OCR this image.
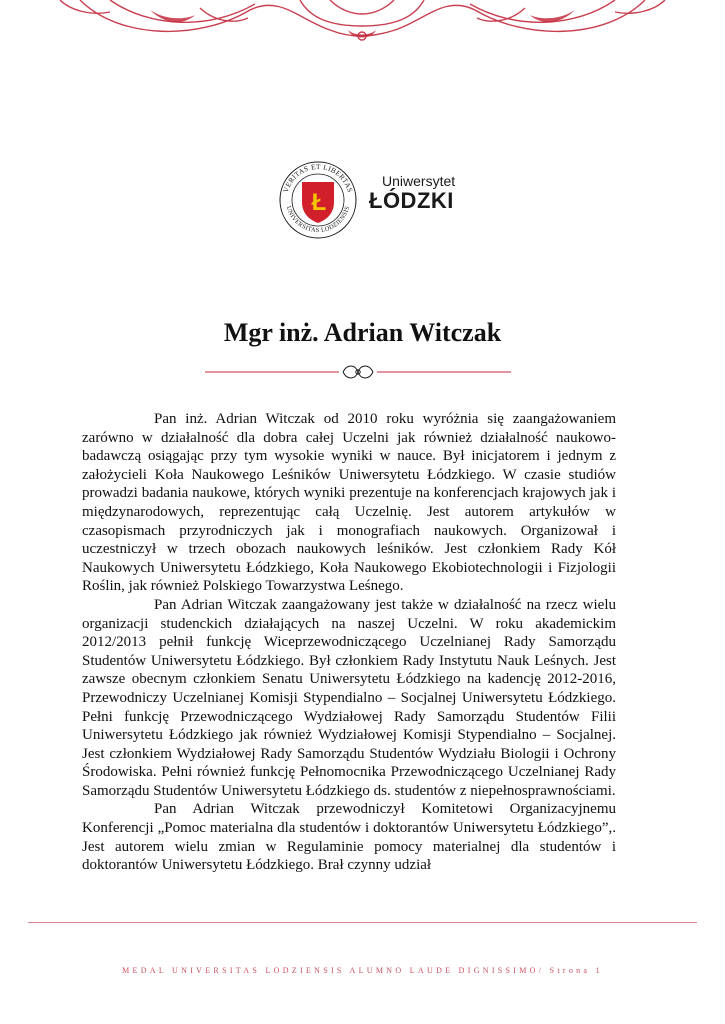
Ł
VERITAS ET LIBERTAS
UNIVERSITAS LODZIENSIS
Uniwersytet
ŁÓDZKI
Mgr inż. Adrian Witczak

Pan inż. Adrian Witczak od 2010 roku wyróżnia się zaangażowaniem zarówno w działalność dla dobra całej Uczelni jak również działalność naukowo-badawczą osiągając przy tym wysokie wyniki w nauce. Był inicjatorem i jednym z założycieli Koła Naukowego Leśników Uniwersytetu Łódzkiego. W czasie studiów prowadzi badania naukowe, których wyniki prezentuje na konferencjach krajowych jak i międzynarodowych, reprezentując całą Uczelnię. Jest autorem artykułów w czasopismach przyrodniczych jak i monografiach naukowych. Organizował i uczestniczył w trzech obozach naukowych leśników. Jest członkiem Rady Kół Naukowych Uniwersytetu Łódzkiego, Koła Naukowego Ekobiotechnologii i Fizjologii Roślin, jak również Polskiego Towarzystwa Leśnego.

Pan Adrian Witczak zaangażowany jest także w działalność na rzecz wielu organizacji studenckich działających na naszej Uczelni. W roku akademickim 2012/2013 pełnił funkcję Wiceprzewodniczącego Uczelnianej Rady Samorządu Studentów Uniwersytetu Łódzkiego. Był członkiem Rady Instytutu Nauk Leśnych. Jest zawsze obecnym członkiem Senatu Uniwersytetu Łódzkiego na kadencję 2012-2016, Przewodniczy Uczelnianej Komisji Stypendialno – Socjalnej Uniwersytetu Łódzkiego. Pełni funkcję Przewodniczącego Wydziałowej Rady Samorządu Studentów Filii Uniwersytetu Łódzkiego jak również Wydziałowej Komisji Stypendialno – Socjalnej. Jest członkiem Wydziałowej Rady Samorządu Studentów Wydziału Biologii i Ochrony Środowiska. Pełni również funkcję Pełnomocnika Przewodniczącego Uczelnianej Rady Samorządu Studentów Uniwersytetu Łódzkiego ds. studentów z niepełnosprawnościami.

Pan Adrian Witczak przewodniczył Komitetowi Organizacyjnemu Konferencji „Pomoc materialna dla studentów i doktorantów Uniwersytetu Łódzkiego”,. Jest autorem wielu zmian w Regulaminie pomocy materialnej dla studentów i doktorantów Uniwersytetu Łódzkiego. Brał czynny udział

MEDAL UNIVERSITAS LODZIENSIS ALUMNO LAUDE DIGNISSIMO/ Strona 1
